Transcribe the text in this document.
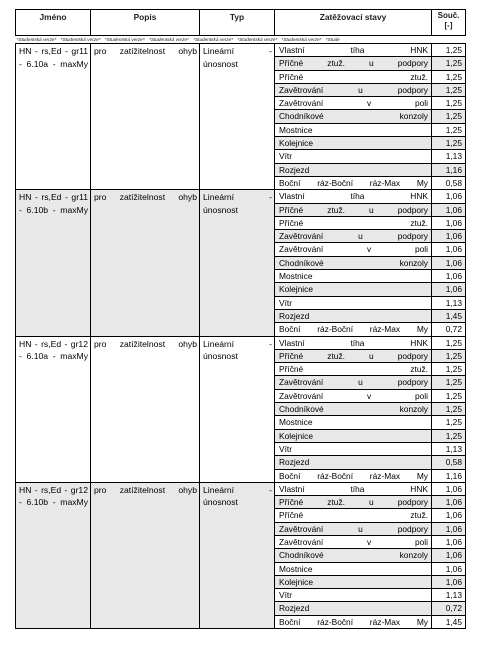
Jméno	Popis	Typ	Zatěžovací stavy	Souč.
[-]
*Studentská verze* *Studentská verze* *Studentská verze* *Studentská verze* *Studentská verze* *Studentská verze* *Studentská verze* *Stude				
HN - rs,Ed - gr11 - 6.10a - maxMy	pro zatížitelnost ohyb	Lineární - únosnost	Vlastní tíha HNK	1,25
			Příčné ztuž. u podpory	1,25
			Příčné ztuž.	1,25
			Zavětrování u podpory	1,25
			Zavětrování v poli	1,25
			Chodníkové konzoly	1,25
			Mostnice	1,25
			Kolejnice	1,25
			Vítr	1,13
			Rozjezd	1,16
			Boční ráz-Boční ráz-Max My	0,58
HN - rs,Ed - gr11 - 6.10b - maxMy	pro zatížitelnost ohyb	Lineární - únosnost	Vlastní tíha HNK	1,06
			Příčné ztuž. u podpory	1,06
			Příčné ztuž.	1,06
			Zavětrování u podpory	1,06
			Zavětrování v poli	1,06
			Chodníkové konzoly	1,06
			Mostnice	1,06
			Kolejnice	1,06
			Vítr	1,13
			Rozjezd	1,45
			Boční ráz-Boční ráz-Max My	0,72
HN - rs,Ed - gr12 - 6.10a - maxMy	pro zatížitelnost ohyb	Lineární - únosnost	Vlastní tíha HNK	1,25
			Příčné ztuž. u podpory	1,25
			Příčné ztuž.	1,25
			Zavětrování u podpory	1,25
			Zavětrování v poli	1,25
			Chodníkové konzoly	1,25
			Mostnice	1,25
			Kolejnice	1,25
			Vítr	1,13
			Rozjezd	0,58
			Boční ráz-Boční ráz-Max My	1,16
HN - rs,Ed - gr12 - 6.10b - maxMy	pro zatížitelnost ohyb	Lineární - únosnost	Vlastní tíha HNK	1,06
			Příčné ztuž. u podpory	1,06
			Příčné ztuž.	1,06
			Zavětrování u podpory	1,06
			Zavětrování v poli	1,06
			Chodníkové konzoly	1,06
			Mostnice	1,06
			Kolejnice	1,06
			Vítr	1,13
			Rozjezd	0,72
			Boční ráz-Boční ráz-Max My	1,45
